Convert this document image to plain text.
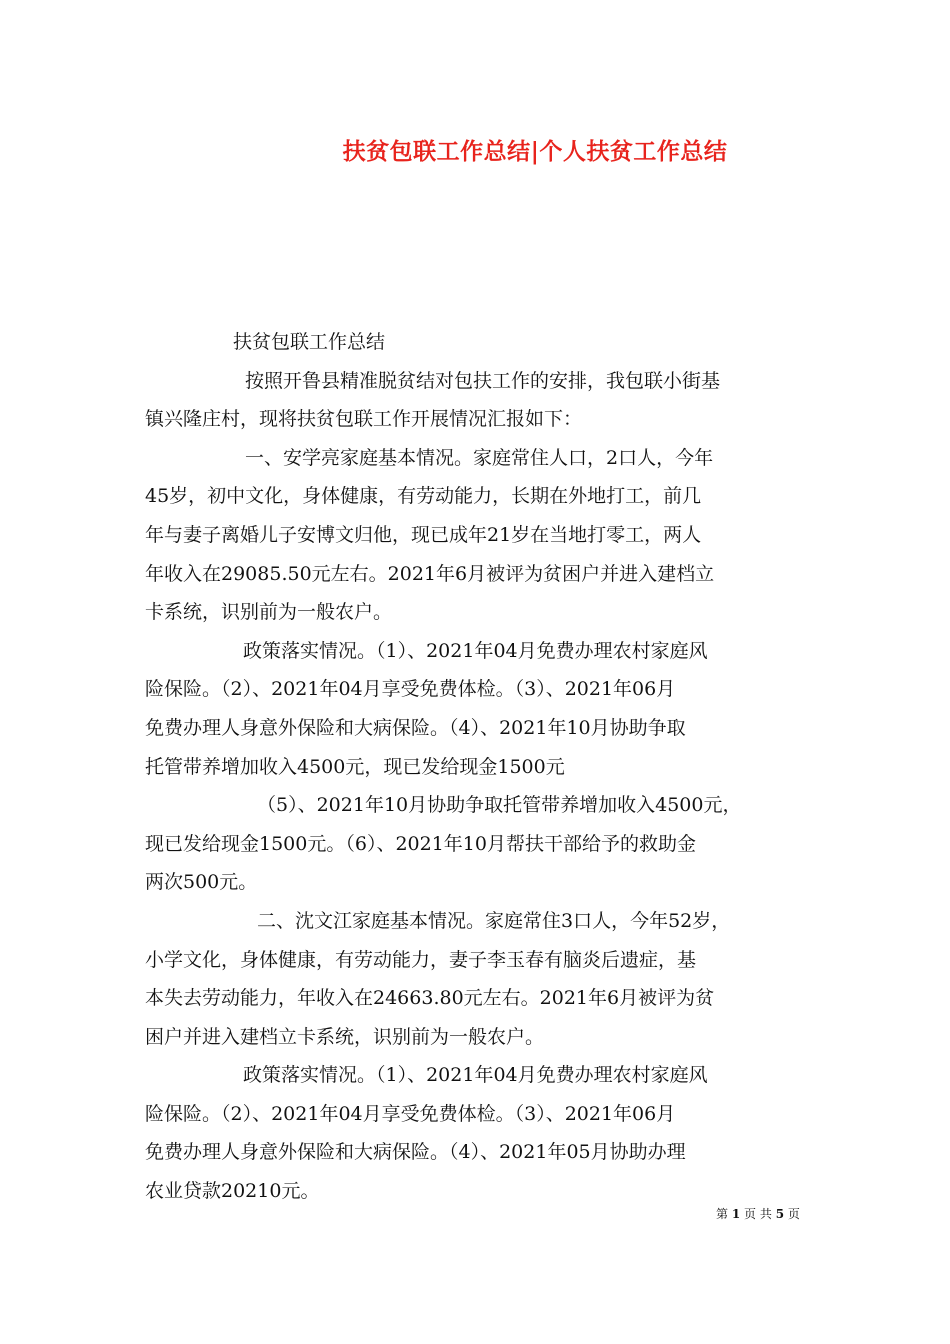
扶贫包联工作总结|个人扶贫工作总结
扶贫包联工作总结
按照开鲁县精准脱贫结对包扶工作的安排，我包联小街基
镇兴隆庄村，现将扶贫包联工作开展情况汇报如下：
一、安学亮家庭基本情况。家庭常住人口，2口人，今年
45岁，初中文化，身体健康，有劳动能力，长期在外地打工，前几
年与妻子离婚儿子安博文归他，现已成年21岁在当地打零工，两人
年收入在29085.50元左右。2021年6月被评为贫困户并进入建档立
卡系统，识别前为一般农户。
政策落实情况。（1）、2021年04月免费办理农村家庭风
险保险。（2）、2021年04月享受免费体检。（3）、2021年06月
免费办理人身意外保险和大病保险。（4）、2021年10月协助争取
托管带养增加收入4500元，现已发给现金1500元
（5）、2021年10月协助争取托管带养增加收入4500元，
现已发给现金1500元。（6）、2021年10月帮扶干部给予的救助金
两次500元。
二、沈文江家庭基本情况。家庭常住3口人，今年52岁，
小学文化，身体健康，有劳动能力，妻子李玉春有脑炎后遗症，基
本失去劳动能力，年收入在24663.80元左右。2021年6月被评为贫
困户并进入建档立卡系统，识别前为一般农户。
政策落实情况。（1）、2021年04月免费办理农村家庭风
险保险。（2）、2021年04月享受免费体检。（3）、2021年06月
免费办理人身意外保险和大病保险。（4）、2021年05月协助办理
农业贷款20210元。
第 1 页 共 5 页
